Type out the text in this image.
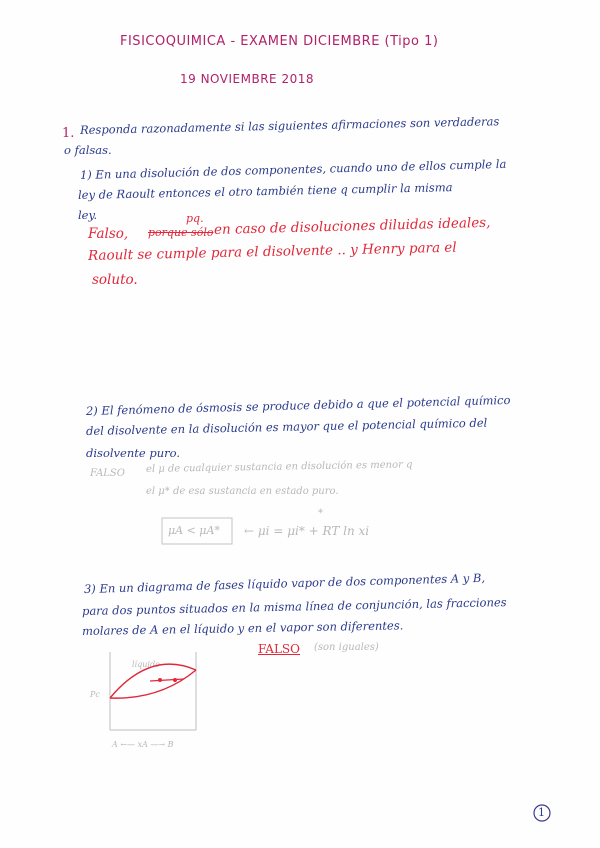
FISICOQUIMICA - EXAMEN DICIEMBRE (Tipo 1)
19 NOVIEMBRE 2018
1. Responda razonadamente si las siguientes afirmaciones son verdaderas
o falsas.
1) En una disolución de dos componentes, cuando uno de ellos cumple la
ley de Raoult entonces el otro también tiene q cumplir la misma
ley.	pq.
Falso, porque sólo en caso de disoluciones diluidas ideales,
Raoult se cumple para el disolvente .. y Henry para el
soluto.
2) El fenómeno de ósmosis se produce debido a que el potencial químico
del disolvente en la disolución es mayor que el potencial químico del
disolvente puro.
FALSO el μ de cualquier sustancia en disolución es menor q
el μ* de esa sustancia en estado puro.
μA < μA* ← μi = μi* + RT ln xi
*
3) En un diagrama de fases líquido vapor de dos componentes A y B,
para dos puntos situados en la misma línea de conjunción, las fracciones
molares de A en el líquido y en el vapor son diferentes.
FALSO (son iguales)
líquido
Pc
A ←— xA —→ B
1
